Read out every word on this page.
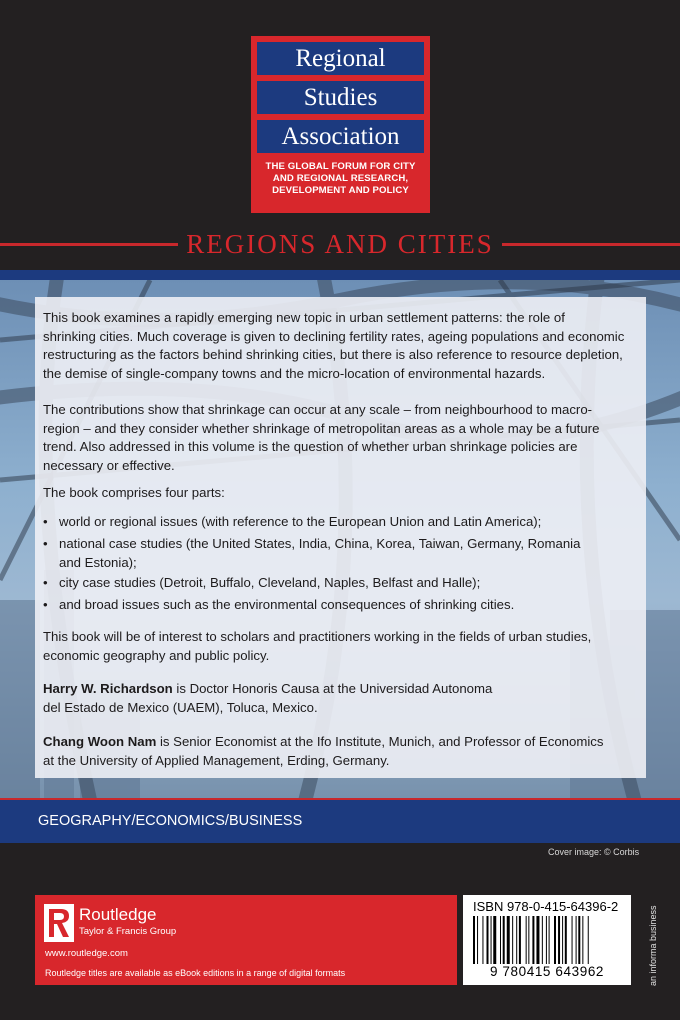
Regional
Studies
Association
THE GLOBAL FORUM FOR CITY
AND REGIONAL RESEARCH,
DEVELOPMENT AND POLICY
REGIONS AND CITIES

This book examines a rapidly emerging new topic in urban settlement patterns: the role of
shrinking cities. Much coverage is given to declining fertility rates, ageing populations and economic
restructuring as the factors behind shrinking cities, but there is also reference to resource depletion,
the demise of single-company towns and the micro-location of environmental hazards.

The contributions show that shrinkage can occur at any scale – from neighbourhood to macro-
region – and they consider whether shrinkage of metropolitan areas as a whole may be a future
trend. Also addressed in this volume is the question of whether urban shrinkage policies are
necessary or effective.

The book comprises four parts:

• world or regional issues (with reference to the European Union and Latin America);
• national case studies (the United States, India, China, Korea, Taiwan, Germany, Romania
and Estonia);
• city case studies (Detroit, Buffalo, Cleveland, Naples, Belfast and Halle);
• and broad issues such as the environmental consequences of shrinking cities.

This book will be of interest to scholars and practitioners working in the fields of urban studies,
economic geography and public policy.

Harry W. Richardson is Doctor Honoris Causa at the Universidad Autonoma
del Estado de Mexico (UAEM), Toluca, Mexico.

Chang Woon Nam is Senior Economist at the Ifo Institute, Munich, and Professor of Economics
at the University of Applied Management, Erding, Germany.

GEOGRAPHY/ECONOMICS/BUSINESS
Cover image: © Corbis
Routledge
Taylor & Francis Group
www.routledge.com
Routledge titles are available as eBook editions in a range of digital formats
ISBN 978-0-415-64396-2
9 780415 643962	an informa business
